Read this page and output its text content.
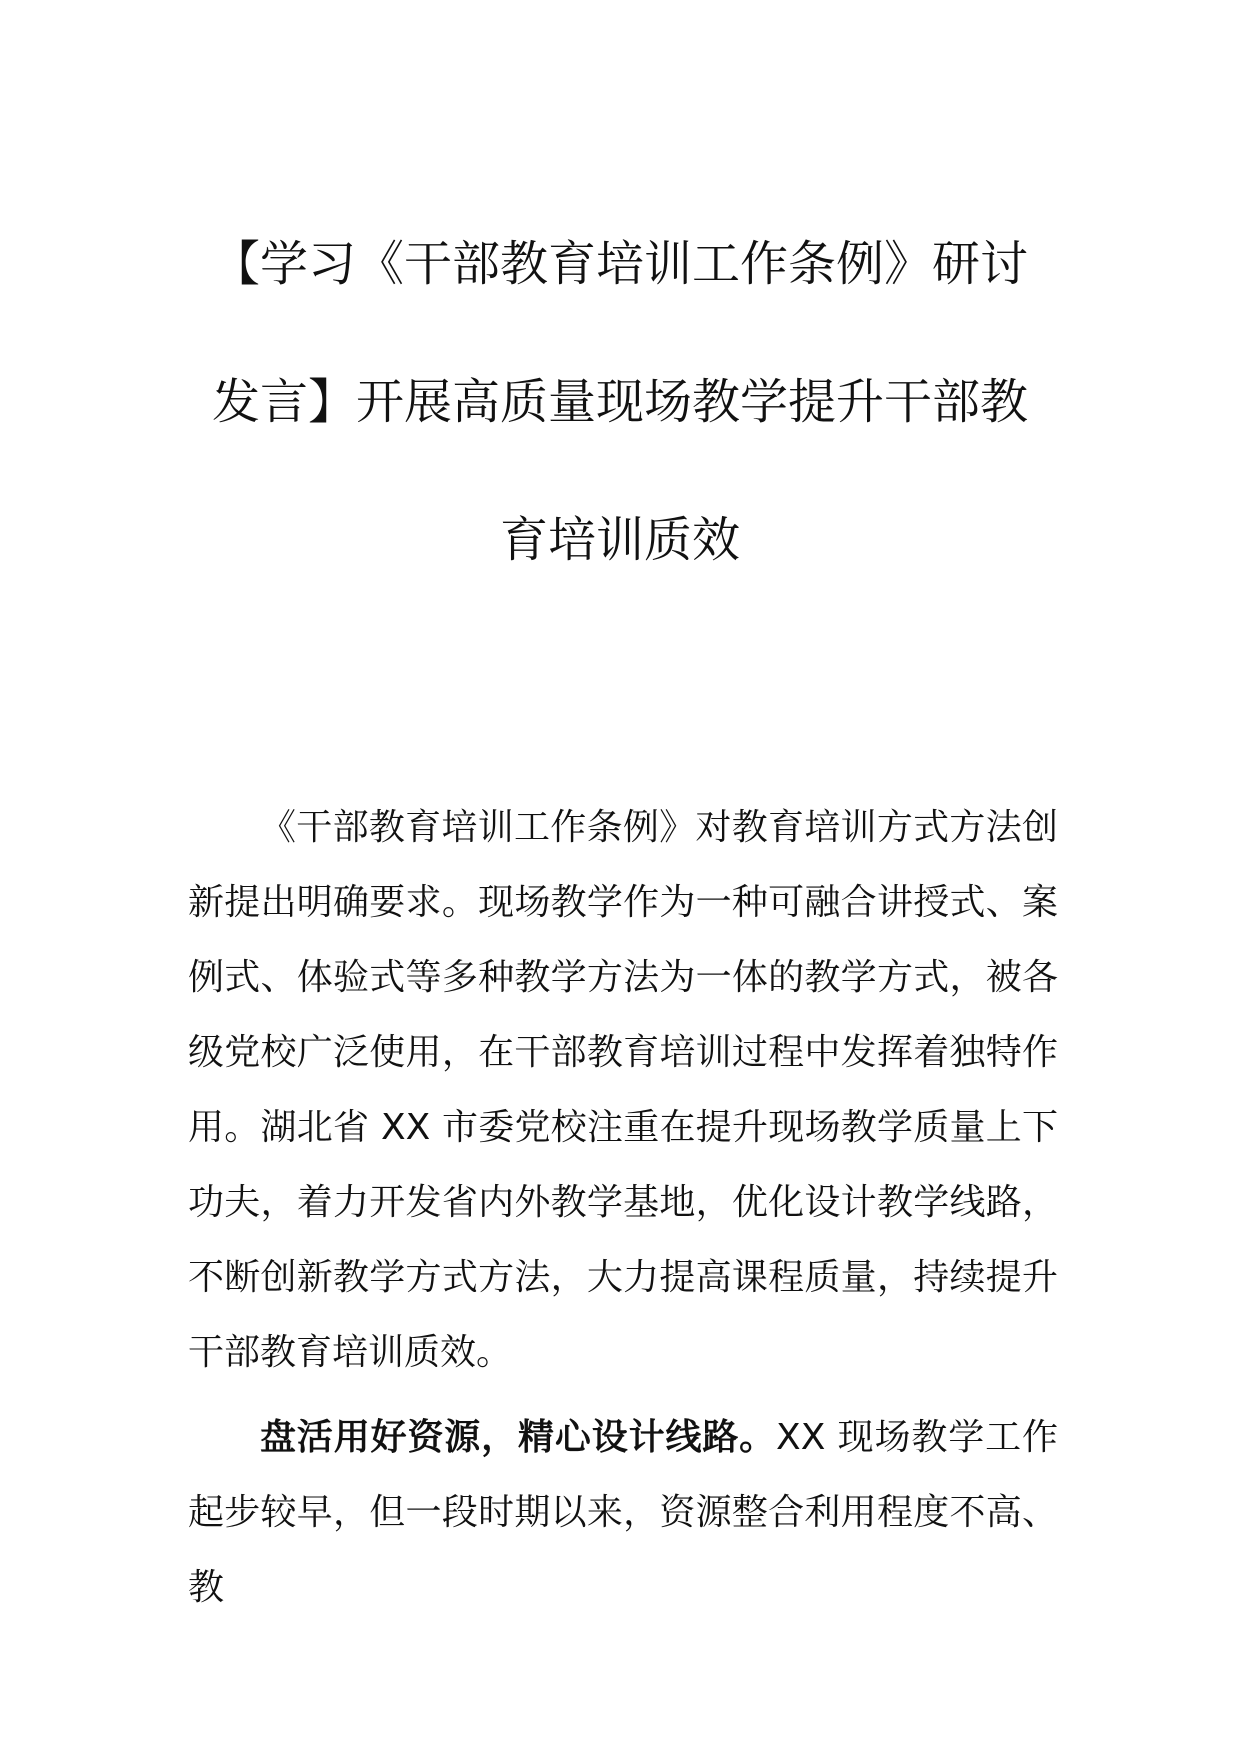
【学习《干部教育培训工作条例》研讨发言】开展高质量现场教学提升干部教育培训质效

《干部教育培训工作条例》对教育培训方式方法创新提出明确要求。现场教学作为一种可融合讲授式、案例式、体验式等多种教学方法为一体的教学方式，被各级党校广泛使用，在干部教育培训过程中发挥着独特作用。湖北省 XX 市委党校注重在提升现场教学质量上下功夫，着力开发省内外教学基地，优化设计教学线路，不断创新教学方式方法，大力提高课程质量，持续提升干部教育培训质效。

盘活用好资源，精心设计线路。XX 现场教学工作起步较早，但一段时期以来，资源整合利用程度不高、教
